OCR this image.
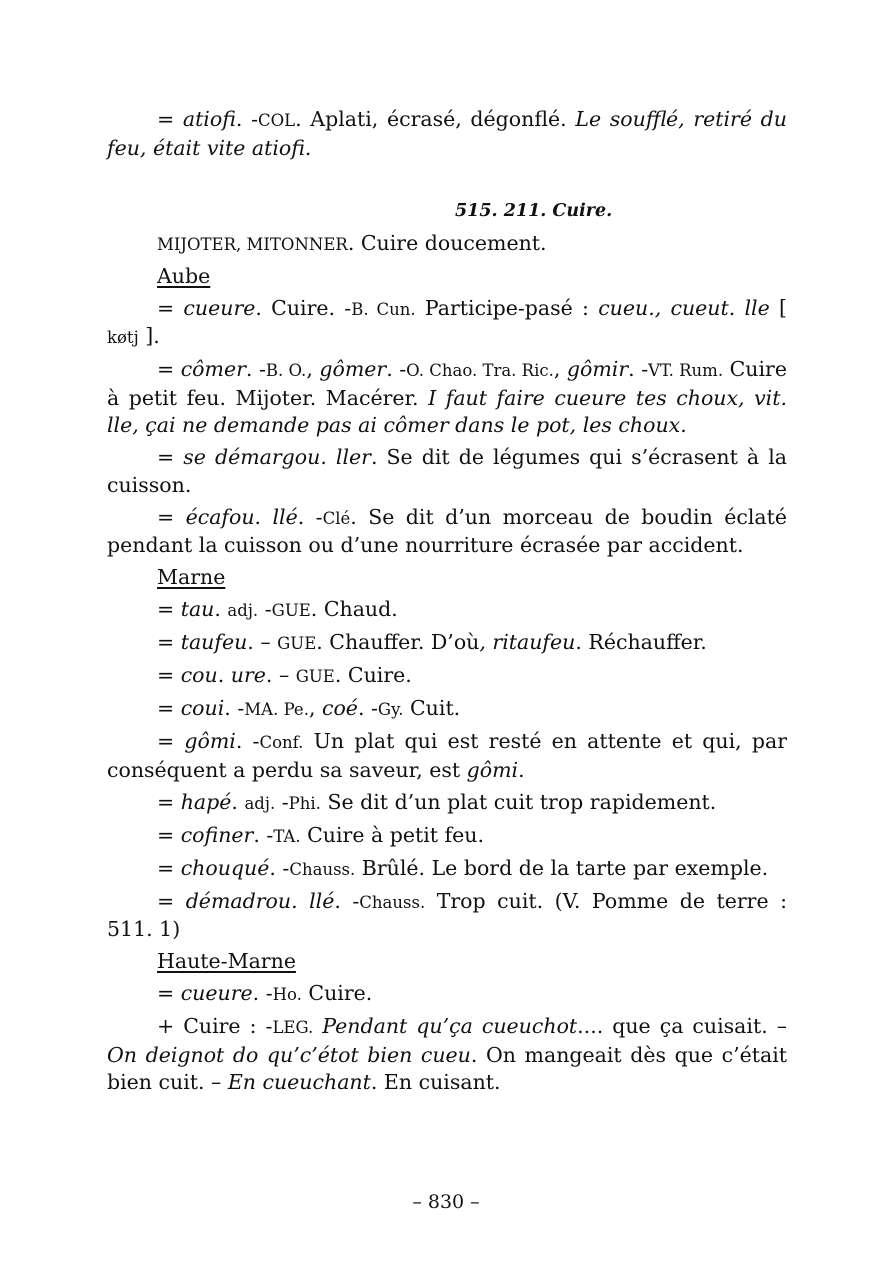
= atiofi. -COL. Aplati, écrasé, dégonflé. Le soufflé, retiré du feu, était vite atiofi.

515. 211. Cuire.

MIJOTER, MITONNER. Cuire doucement.

Aube

= cueure. Cuire. -B. Cun. Participe-pasé : cueu., cueut. lle [ køtj ].

= cômer. -B. O., gômer. -O. Chao. Tra. Ric., gômir. -VT. Rum. Cuire à petit feu. Mijoter. Macérer. I faut faire cueure tes choux, vit. lle, çai ne demande pas ai cômer dans le pot, les choux.

= se démargou. ller. Se dit de légumes qui s’écrasent à la cuisson.

= écafou. llé. -Clé. Se dit d’un morceau de boudin éclaté pendant la cuisson ou d’une nourriture écrasée par accident.

Marne

= tau. adj. -GUE. Chaud.

= taufeu. – GUE. Chauffer. D’où, ritaufeu. Réchauffer.

= cou. ure. – GUE. Cuire.

= coui. -MA. Pe., coé. -Gy. Cuit.

= gômi. -Conf. Un plat qui est resté en attente et qui, par conséquent a perdu sa saveur, est gômi.

= hapé. adj. -Phi. Se dit d’un plat cuit trop rapidement.

= cofiner. -TA. Cuire à petit feu.

= chouqué. -Chauss. Brûlé. Le bord de la tarte par exemple.

= démadrou. llé. -Chauss. Trop cuit. (V. Pomme de terre : 511. 1)

Haute-Marne

= cueure. -Ho. Cuire.

+ Cuire : -LEG. Pendant qu’ça cueuchot.... que ça cuisait. – On deignot do qu’c’étot bien cueu. On mangeait dès que c’était bien cuit. – En cueuchant. En cuisant.

– 830 –
